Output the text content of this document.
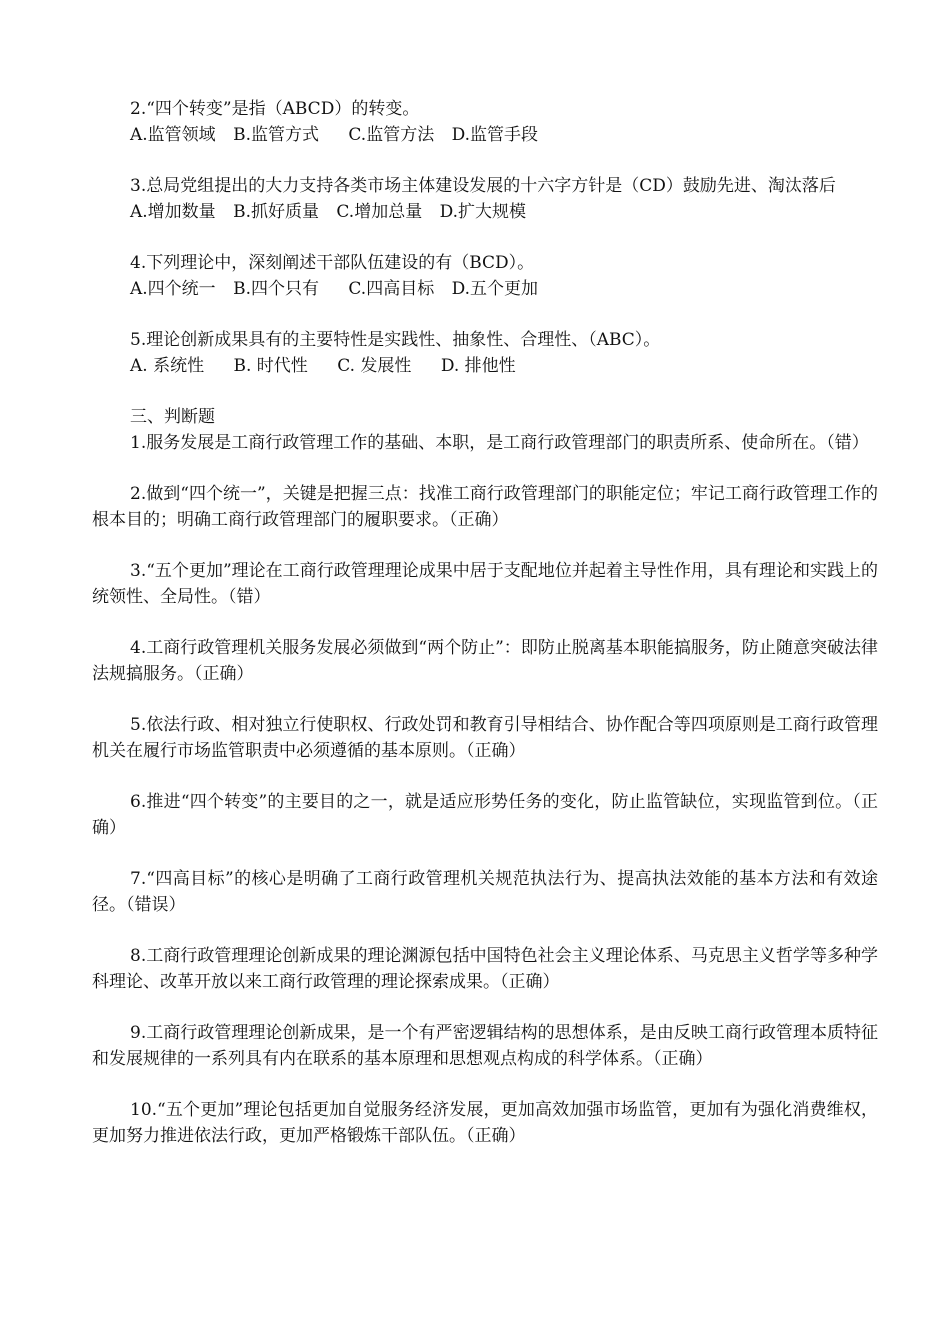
2.“四个转变”是指（ABCD）的转变。

A.监管领域 B.监管方式 C.监管方法 D.监管手段

3.总局党组提出的大力支持各类市场主体建设发展的十六字方针是（CD）鼓励先进、淘汰落后

A.增加数量 B.抓好质量 C.增加总量 D.扩大规模

4.下列理论中，深刻阐述干部队伍建设的有（BCD）。

A.四个统一 B.四个只有 C.四高目标 D.五个更加

5.理论创新成果具有的主要特性是实践性、抽象性、合理性、（ABC）。

A. 系统性 B. 时代性 C. 发展性 D. 排他性

三、判断题

1.服务发展是工商行政管理工作的基础、本职，是工商行政管理部门的职责所系、使命所在。（错）

2.做到“四个统一”，关键是把握三点：找准工商行政管理部门的职能定位；牢记工商行政管理工作的根本目的；明确工商行政管理部门的履职要求。（正确）

3.“五个更加”理论在工商行政管理理论成果中居于支配地位并起着主导性作用，具有理论和实践上的统领性、全局性。（错）

4.工商行政管理机关服务发展必须做到“两个防止”：即防止脱离基本职能搞服务，防止随意突破法律法规搞服务。（正确）

5.依法行政、相对独立行使职权、行政处罚和教育引导相结合、协作配合等四项原则是工商行政管理机关在履行市场监管职责中必须遵循的基本原则。（正确）

6.推进“四个转变”的主要目的之一，就是适应形势任务的变化，防止监管缺位，实现监管到位。（正确）

7.“四高目标”的核心是明确了工商行政管理机关规范执法行为、提高执法效能的基本方法和有效途径。（错误）

8.工商行政管理理论创新成果的理论渊源包括中国特色社会主义理论体系、马克思主义哲学等多种学科理论、改革开放以来工商行政管理的理论探索成果。（正确）

9.工商行政管理理论创新成果，是一个有严密逻辑结构的思想体系，是由反映工商行政管理本质特征和发展规律的一系列具有内在联系的基本原理和思想观点构成的科学体系。（正确）

10.“五个更加”理论包括更加自觉服务经济发展，更加高效加强市场监管，更加有为强化消费维权，更加努力推进依法行政，更加严格锻炼干部队伍。（正确）
